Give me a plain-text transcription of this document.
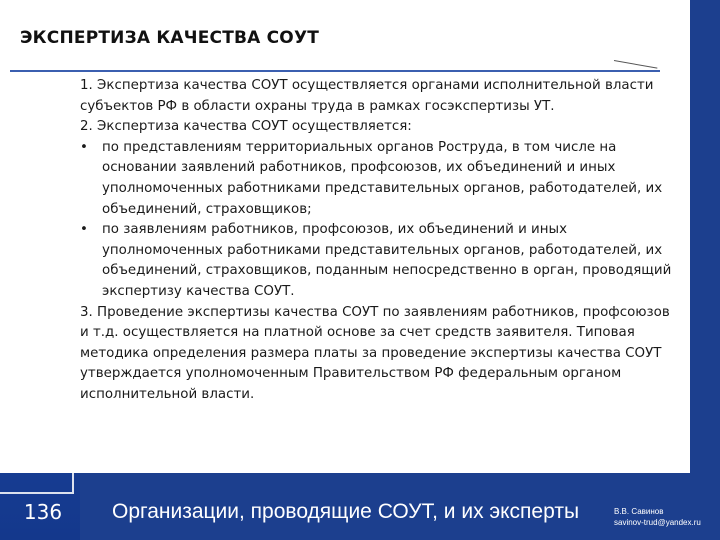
ЭКСПЕРТИЗА КАЧЕСТВА СОУТ

1. Экспертиза качества СОУТ осуществляется органами исполнительной власти субъектов РФ в области охраны труда в рамках госэкспертизы УТ.

2. Экспертиза качества СОУТ осуществляется:

•	по представлениям территориальных органов Роструда, в том числе на основании заявлений работников, профсоюзов, их объединений и иных уполномоченных работниками представительных органов, работодателей, их объединений, страховщиков;
•	по заявлениям работников, профсоюзов, их объединений и иных уполномоченных работниками представительных органов, работодателей, их объединений, страховщиков, поданным непосредственно в орган, проводящий экспертизу качества СОУТ.

3. Проведение экспертизы качества СОУТ по заявлениям работников, профсоюзов и т.д. осуществляется на платной основе за счет средств заявителя. Типовая методика определения размера платы за проведение экспертизы качества СОУТ утверждается уполномоченным Правительством РФ федеральным органом исполнительной власти.

136 Организации, проводящие СОУТ, и их эксперты	В.В. Савинов
savinov-trud@yandex.ru
